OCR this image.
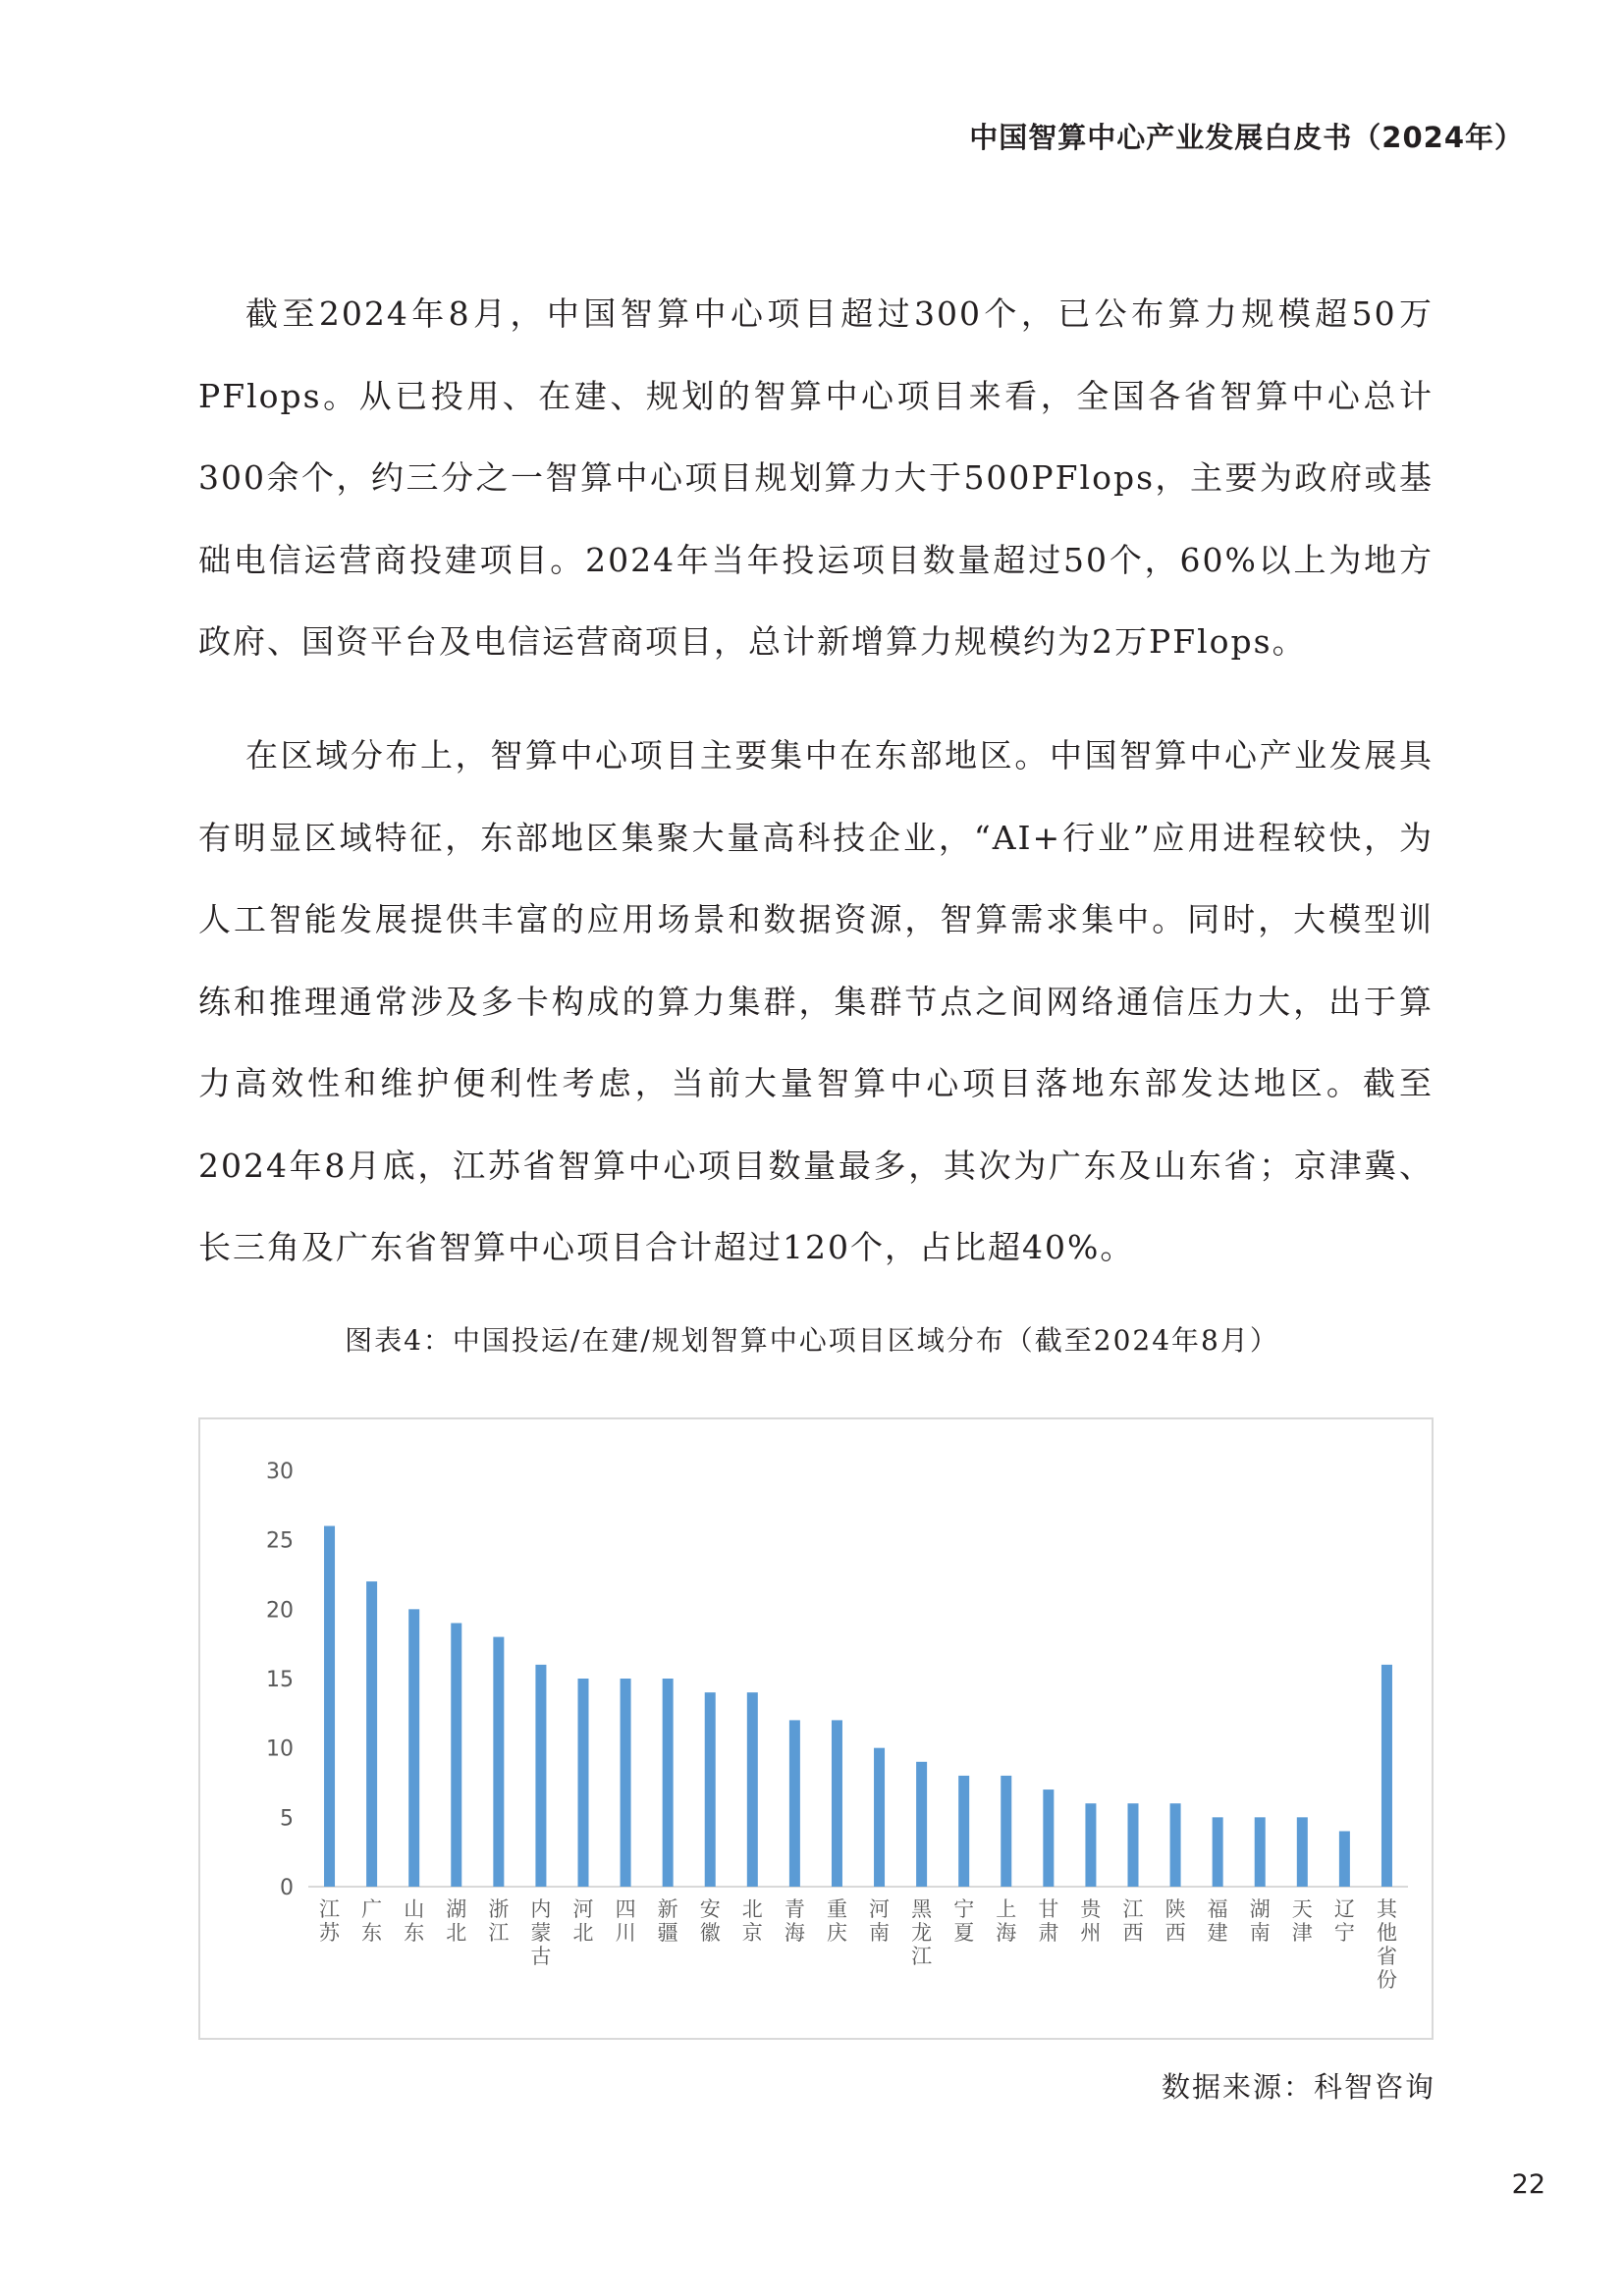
中国智算中心产业发展白皮书（2024年）

截至2024年8月，中国智算中心项目超过300个，已公布算力规模超50万PFlops。从已投用、在建、规划的智算中心项目来看，全国各省智算中心总计300余个，约三分之一智算中心项目规划算力大于500PFlops，主要为政府或基础电信运营商投建项目。2024年当年投运项目数量超过50个，60%以上为地方政府、国资平台及电信运营商项目，总计新增算力规模约为2万PFlops。

在区域分布上，智算中心项目主要集中在东部地区。中国智算中心产业发展具有明显区域特征，东部地区集聚大量高科技企业，“AI+行业”应用进程较快，为人工智能发展提供丰富的应用场景和数据资源，智算需求集中。同时，大模型训练和推理通常涉及多卡构成的算力集群，集群节点之间网络通信压力大，出于算力高效性和维护便利性考虑，当前大量智算中心项目落地东部发达地区。截至2024年8月底，江苏省智算中心项目数量最多，其次为广东及山东省；京津冀、长三角及广东省智算中心项目合计超过120个，占比超40%。

图表4：中国投运/在建/规划智算中心项目区域分布（截至2024年8月）
0
5
10
15
20
25
30
江苏
广东
山东
湖北
浙江
内蒙古
河北
四川
新疆
安徽
北京
青海
重庆
河南
黑龙江
宁夏
上海
甘肃
贵州
江西
陕西
福建
湖南
天津
辽宁
其他省份
数据来源：科智咨询
22
